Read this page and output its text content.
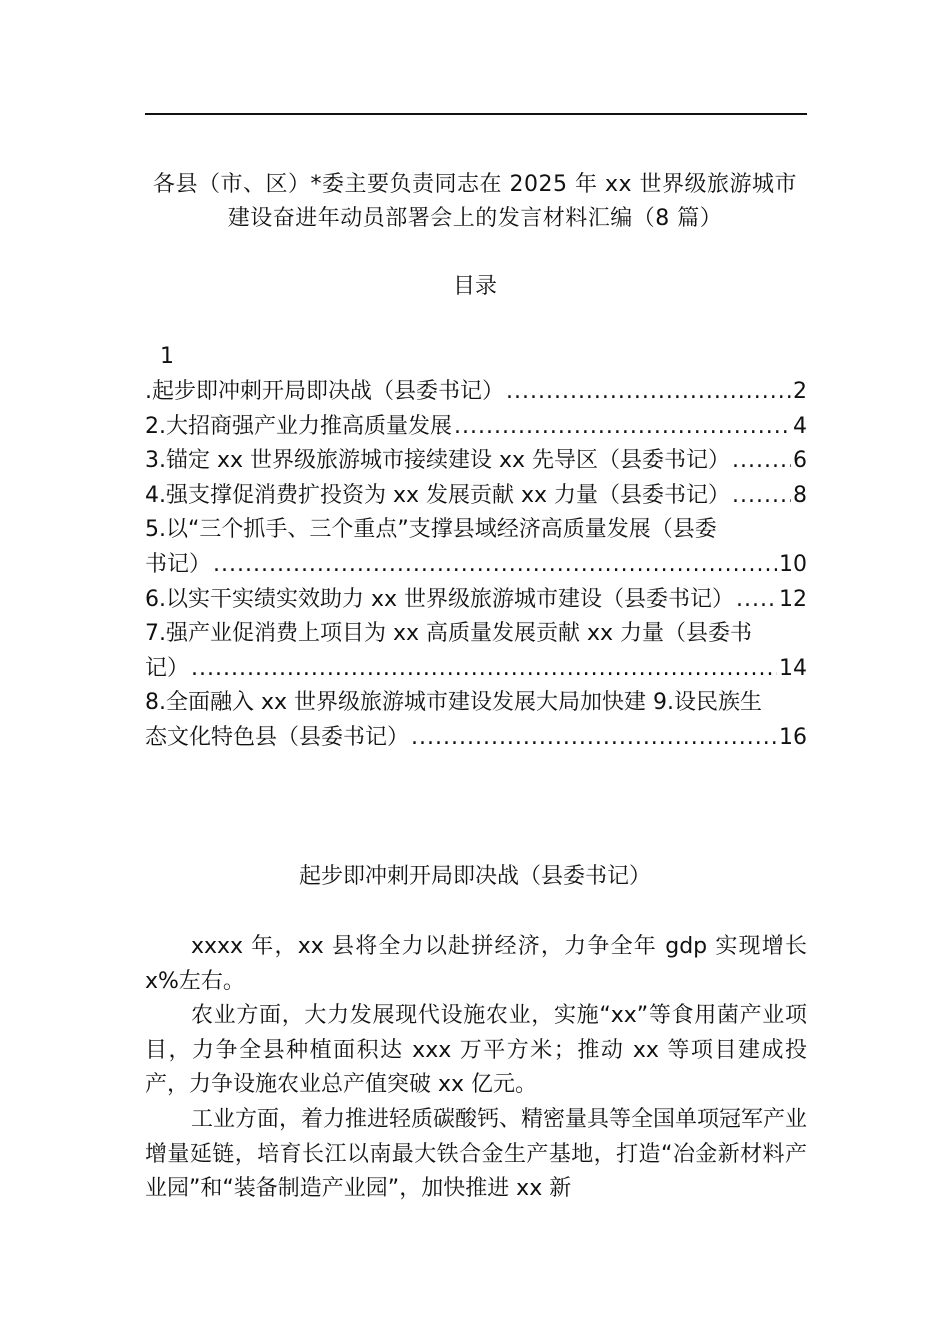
各县（市、区）*委主要负责同志在 2025 年 xx 世界级旅游城市
建设奋进年动员部署会上的发言材料汇编（8 篇）
目录
1
.起步即冲刺开局即决战（县委书记） .....	2
2.大招商强产业力推高质量发展 .....	4
3.锚定 xx 世界级旅游城市接续建设 xx 先导区（县委书记） .....	6
4.强支撑促消费扩投资为 xx 发展贡献 xx 力量（县委书记） .....	8
5.以“三个抓手、三个重点”支撑县域经济高质量发展（县委
书记） .....	10
6.以实干实绩实效助力 xx 世界级旅游城市建设（县委书记） ..... 12
7.强产业促消费上项目为 xx 高质量发展贡献 xx 力量（县委书
记） .....	14
8.全面融入 xx 世界级旅游城市建设发展大局加快建 9.设民族生
态文化特色县（县委书记） .....	16
起步即冲刺开局即决战（县委书记）

xxxx 年，xx 县将全力以赴拼经济，力争全年 gdp 实现增长 x%左右。

农业方面，大力发展现代设施农业，实施“xx”等食用菌产业项目，力争全县种植面积达 xxx 万平方米；推动 xx 等项目建成投产，力争设施农业总产值突破 xx 亿元。

工业方面，着力推进轻质碳酸钙、精密量具等全国单项冠军产业增量延链，培育长江以南最大铁合金生产基地，打造“冶金新材料产业园”和“装备制造产业园”，加快推进 xx 新
